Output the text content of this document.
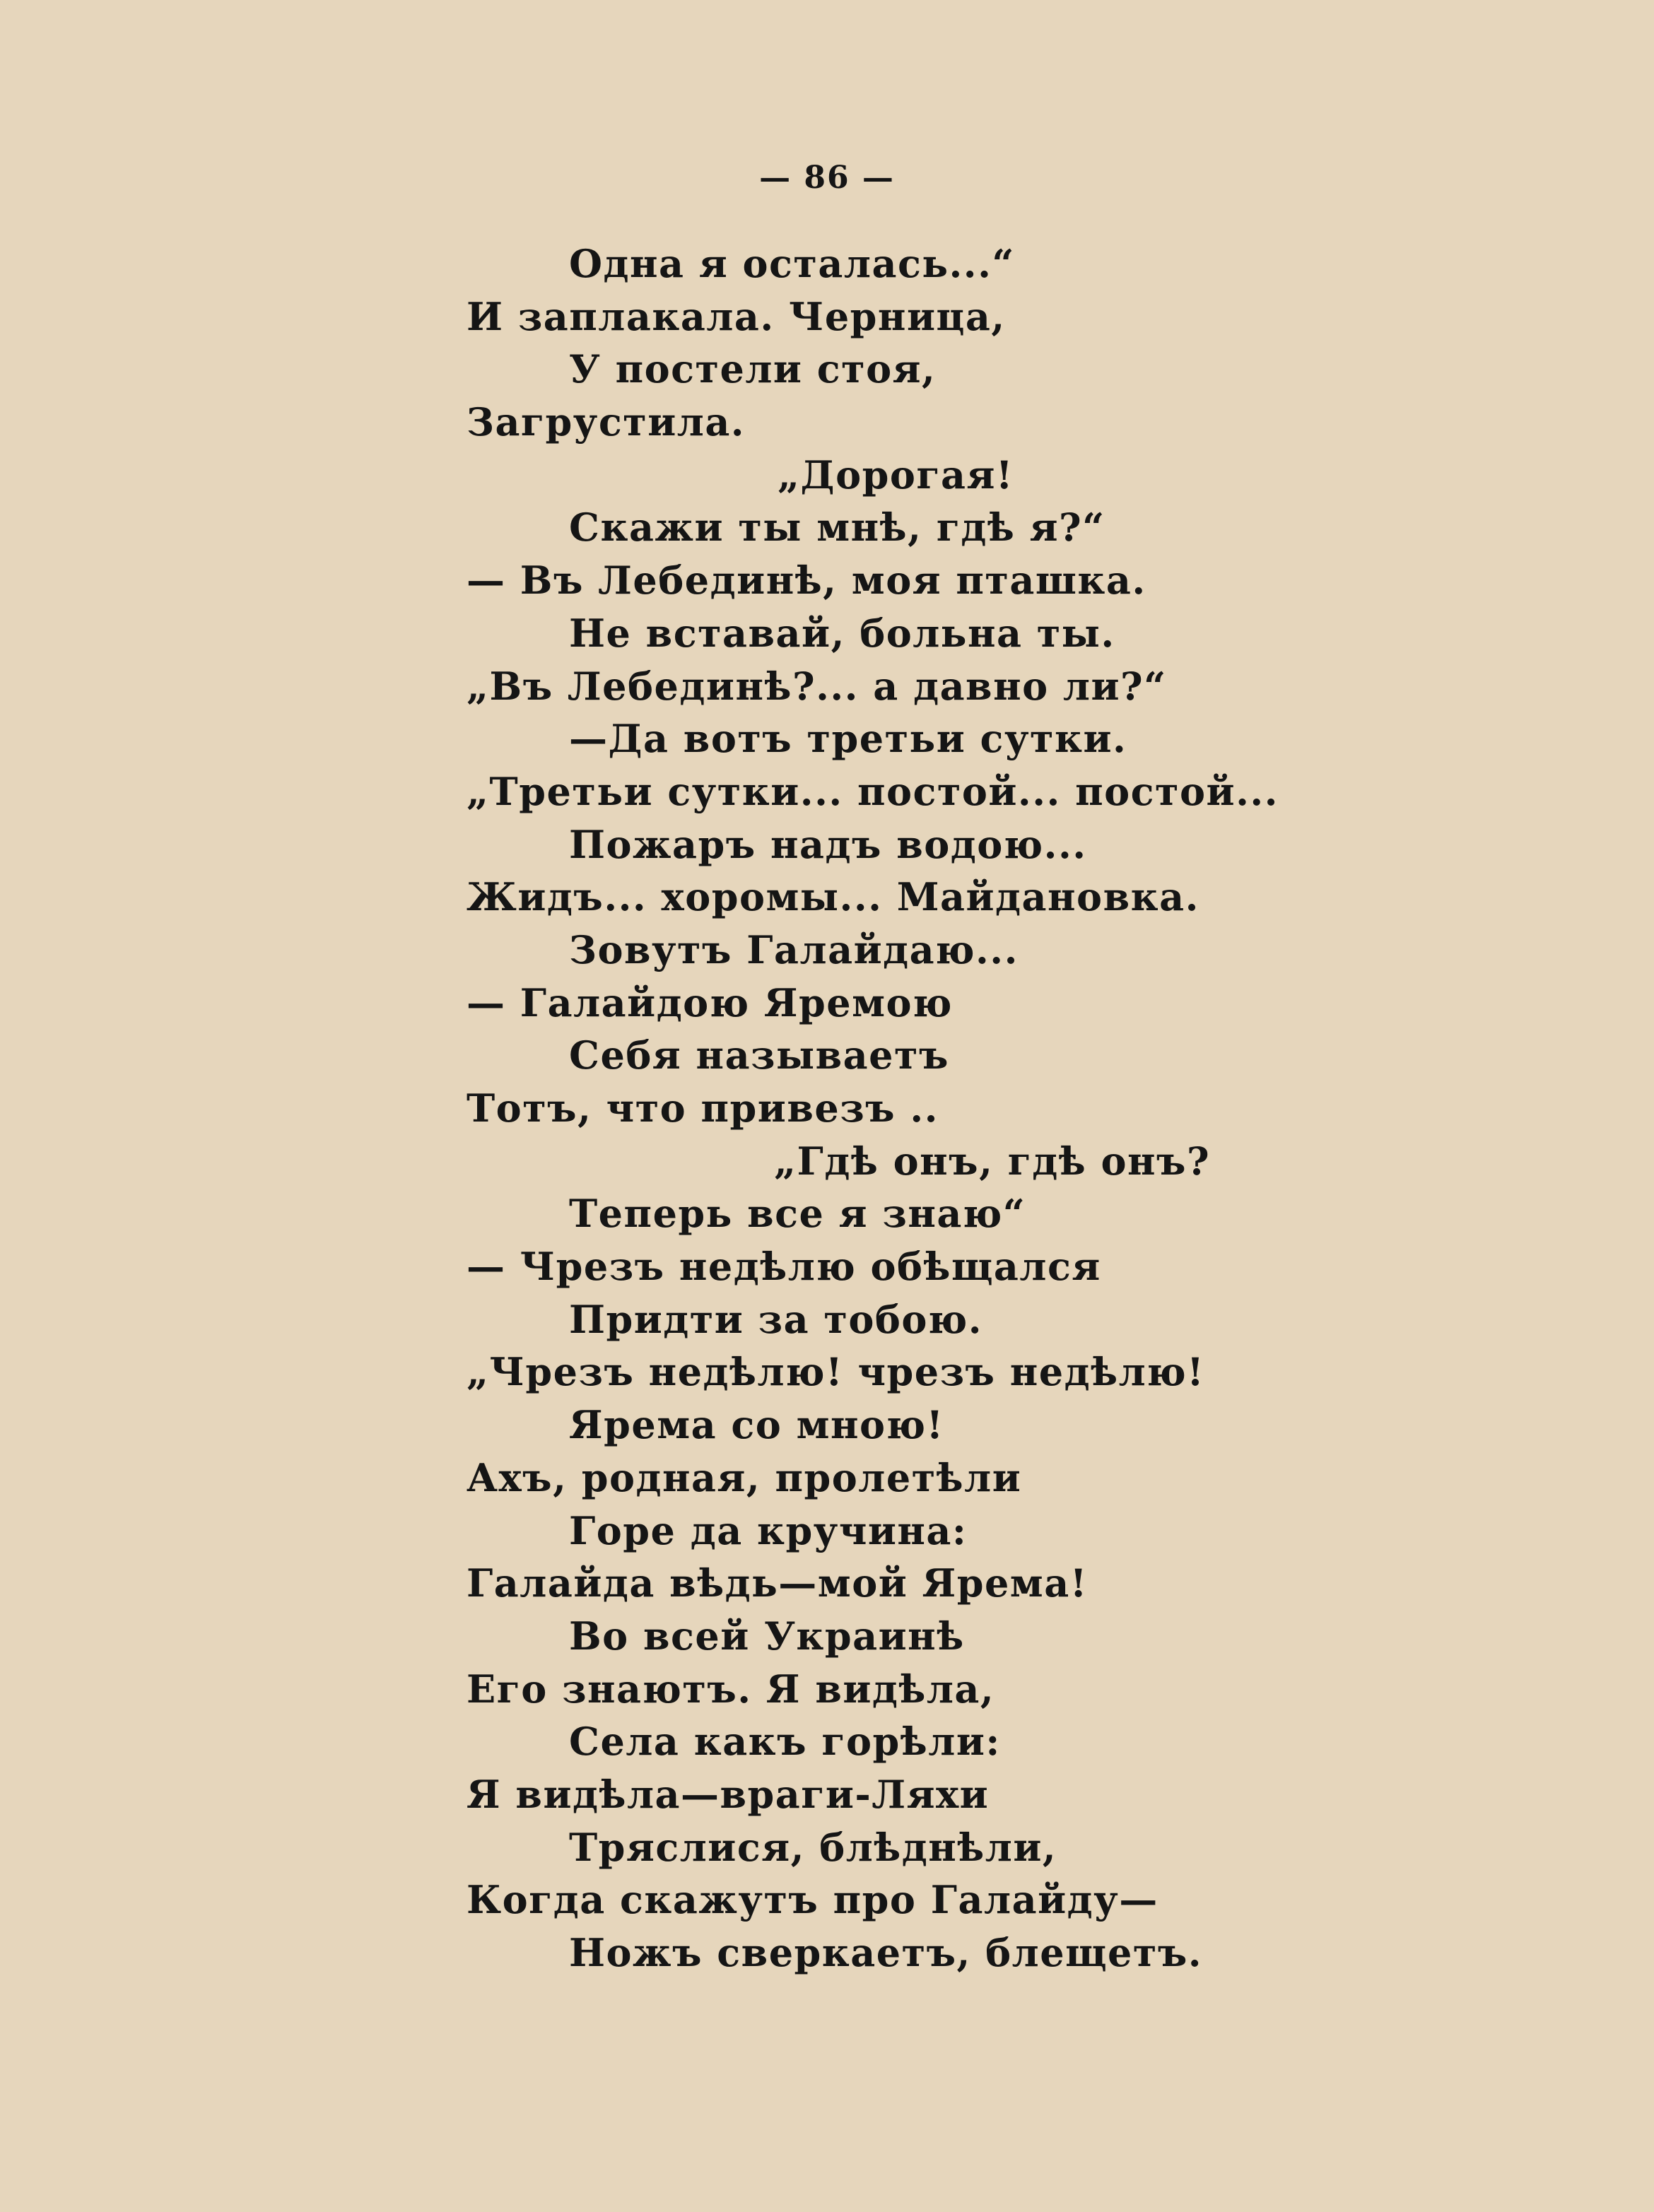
— 86 —
Одна я осталась...“
И заплакала. Черница,
У постели стоя,
Загрустила.
„Дорогая!
Скажи ты мнѣ, гдѣ я?“
— Въ Лебединѣ, моя пташка.
Не вставай, больна ты.
„Въ Лебединѣ?... а давно ли?“
—Да вотъ третьи сутки.
„Третьи сутки... постой... постой...
Пожаръ надъ водою...
Жидъ... хоромы... Майдановка.
Зовутъ Галайдаю...
— Галайдою Яремою
Себя называетъ
Тотъ, что привезъ ..
„Гдѣ онъ, гдѣ онъ?
Теперь все я знаю“
— Чрезъ недѣлю обѣщался
Придти за тобою.
„Чрезъ недѣлю! чрезъ недѣлю!
Ярема со мною!
Ахъ, родная, пролетѣли
Горе да кручина:
Галайда вѣдь—мой Ярема!
Во всей Украинѣ
Его знаютъ. Я видѣла,
Села какъ горѣли:
Я видѣла—враги-Ляхи
Тряслися, блѣднѣли,
Когда скажутъ про Галайду—
Ножъ сверкаетъ, блещетъ.
